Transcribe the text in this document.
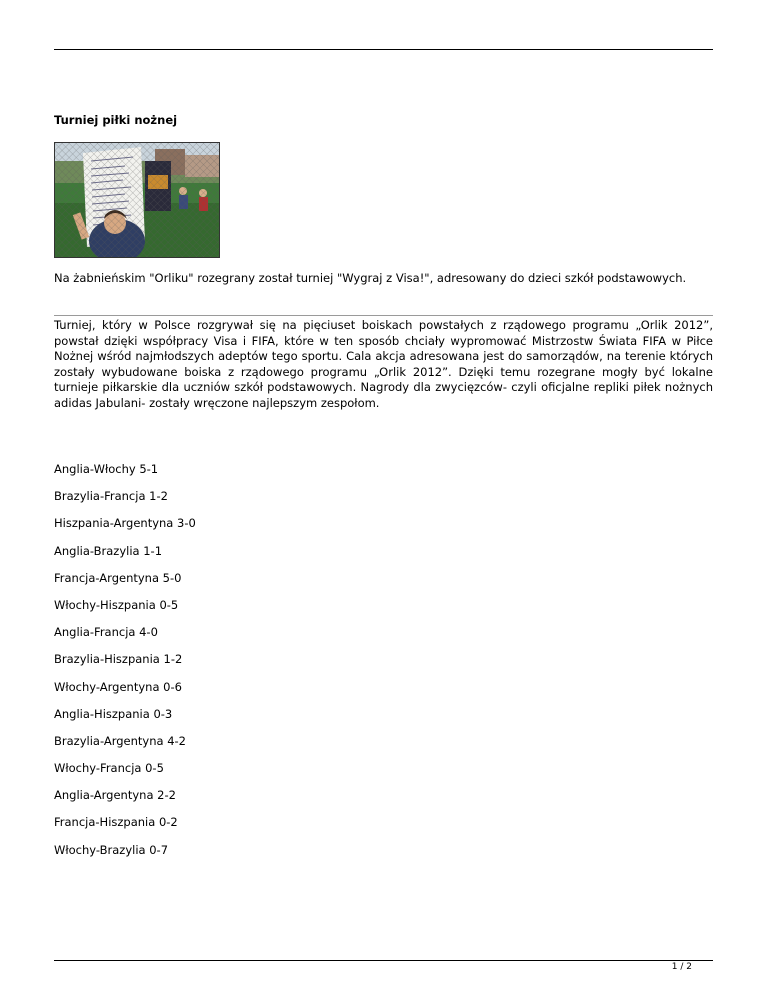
Turniej piłki nożnej

Na żabnieńskim "Orliku" rozegrany został turniej "Wygraj z Visa!", adresowany do dzieci szkół podstawowych.

Turniej, który w Polsce rozgrywał się na pięciuset boiskach powstałych z rządowego programu „Orlik 2012”, powstał dzięki współpracy Visa i FIFA, które w ten sposób chciały wypromować Mistrzostw Świata FIFA w Piłce Nożnej wśród najmłodszych adeptów tego sportu. Cala akcja adresowana jest do samorządów, na terenie których zostały wybudowane boiska z rządowego programu „Orlik 2012”. Dzięki temu rozegrane mogły być lokalne turnieje piłkarskie dla uczniów szkół podstawowych. Nagrody dla zwycięzców- czyli oficjalne repliki piłek nożnych adidas Jabulani- zostały wręczone najlepszym zespołom.

Anglia-Włochy 5-1
Brazylia-Francja 1-2
Hiszpania-Argentyna 3-0
Anglia-Brazylia 1-1
Francja-Argentyna 5-0
Włochy-Hiszpania 0-5
Anglia-Francja 4-0
Brazylia-Hiszpania 1-2
Włochy-Argentyna 0-6
Anglia-Hiszpania 0-3
Brazylia-Argentyna 4-2
Włochy-Francja 0-5
Anglia-Argentyna 2-2
Francja-Hiszpania 0-2
Włochy-Brazylia 0-7

1 / 2
